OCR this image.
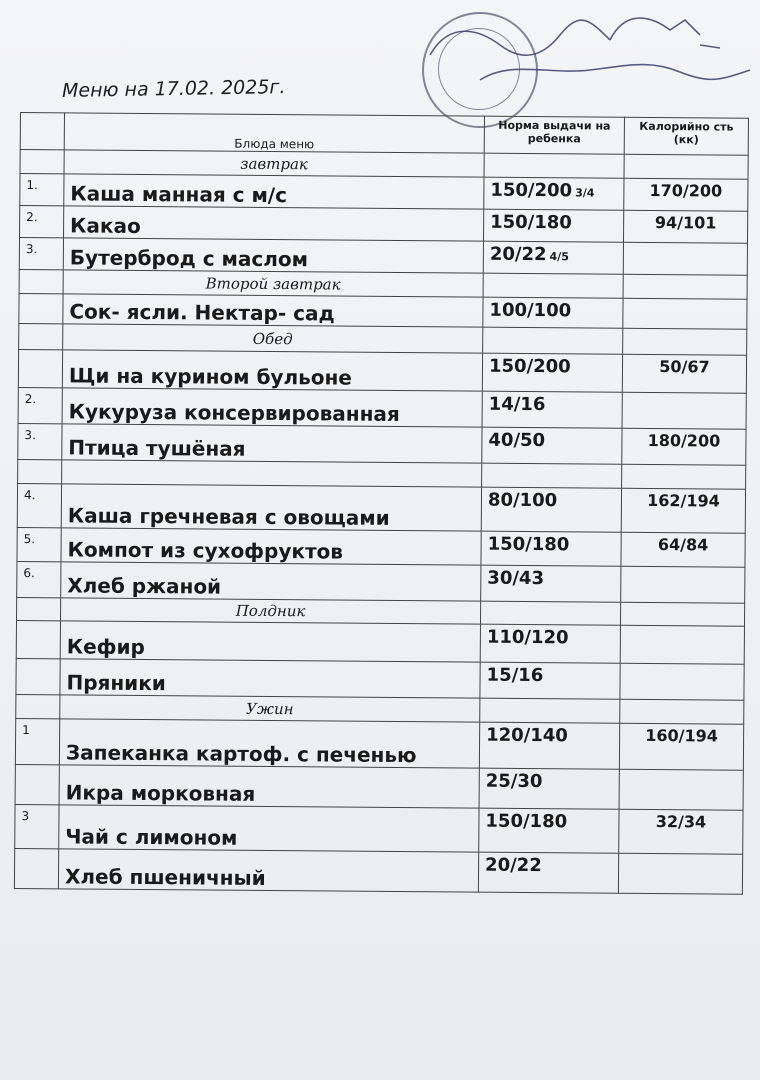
Меню на 17.02. 2025г.
	Блюда меню	Норма выдачи на ребенка	Калорийно сть (кк)
	завтрак		
1.	Каша манная с м/с	150/200 3/4	170/200
2.	Какао	150/180	94/101
3.	Бутерброд с маслом	20/22 4/5	
	Второй завтрак		
	Сок- ясли. Нектар- сад	100/100	
	Обед		
	Щи на курином бульоне	150/200	50/67
2.	Кукуруза консервированная	14/16	
3.	Птица тушёная	40/50	180/200

4.	Каша гречневая с овощами	80/100	162/194
5.	Компот из сухофруктов	150/180	64/84
6.	Хлеб ржаной	30/43	
	Полдник		
	Кефир	110/120	
	Пряники	15/16	
	Ужин		
1	Запеканка картоф. с печенью	120/140	160/194
	Икра морковная	25/30	
3	Чай с лимоном	150/180	32/34
	Хлеб пшеничный	20/22	
